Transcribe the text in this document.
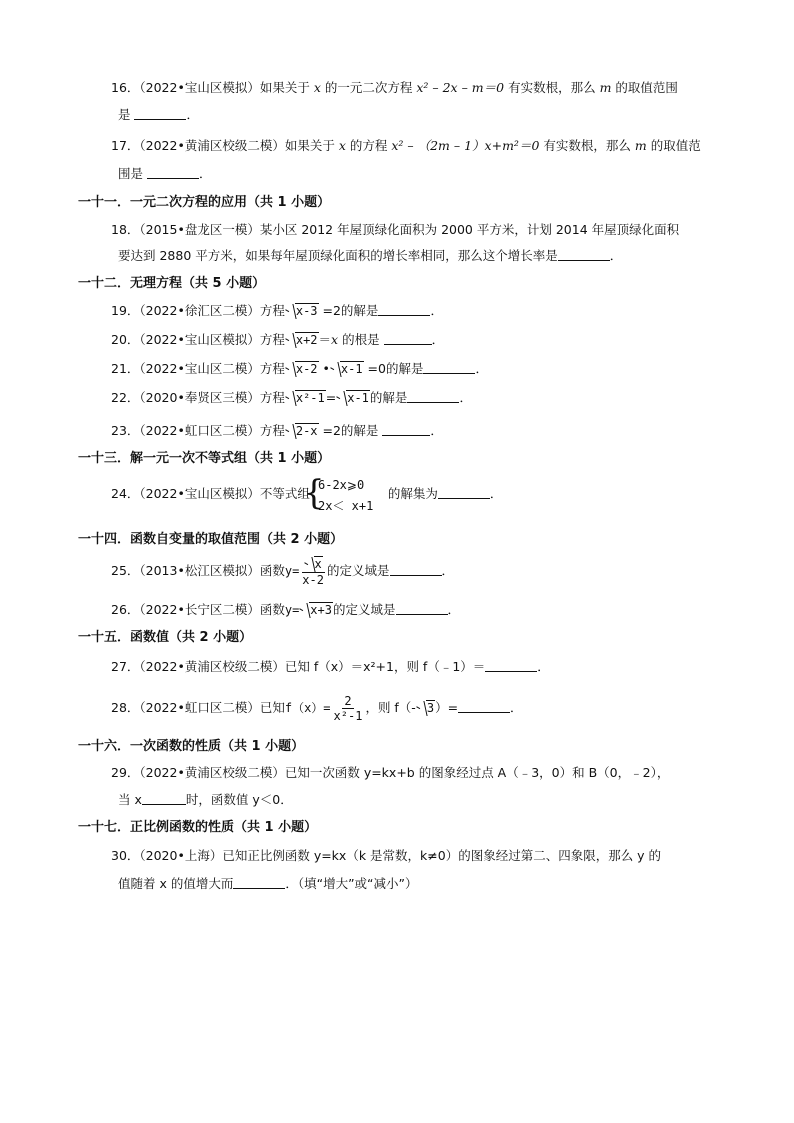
16．（2022•宝山区模拟）如果关于 x 的一元二次方程 x² – 2x – m＝0 有实数根，那么 m 的取值范围
是	．
17．（2022•黄浦区校级二模）如果关于 x 的方程 x² – （2m – 1）x+m²＝0 有实数根，那么 m 的取值范
围是	．
一十一．一元二次方程的应用（共 1 小题）
18．（2015•盘龙区一模）某小区 2012 年屋顶绿化面积为 2000 平方米，计划 2014 年屋顶绿化面积
要达到 2880 平方米，如果每年屋顶绿化面积的增长率相同，那么这个增长率是	．
一十二．无理方程（共 5 小题）
19．（2022•徐汇区二模）方程 x-3 =2的解是	．
20．（2022•宝山区模拟）方程 x+2＝x 的根是	．
21．（2022•宝山区二模）方程 x-2 • x-1 =0的解是	．
22．（2020•奉贤区三模）方程 x²-1= x-1的解是	．
23．（2022•虹口区二模）方程 2-x =2的解是	．
一十三．解一元一次不等式组（共 1 小题）
24．（2022•宝山区模拟）不等式组	的解集为	．
{
6-2x⩾0
2x＜ x+1
一十四．函数自变量的取值范围（共 2 小题）
25．（2013•松江区模拟）函数$y= \frac{x}{x-2}$ 的定义域是	．
26．（2022•长宁区二模）函数y= x+3的定义域是	．
一十五．函数值（共 2 小题）
27．（2022•黄浦区校级二模）已知 f（x）＝x²+1，则 f（﹣1）＝	．
28．（2022•虹口区二模）已知$f(x)= \frac{2}{\text{x²-1}}$ ，则 f（- 3）=	．
一十六．一次函数的性质（共 1 小题）
29．（2022•黄浦区校级二模）已知一次函数 y=kx+b 的图象经过点 A（﹣3，0）和 B（0，﹣2），
当 x	时，函数值 y＜0．
一十七．正比例函数的性质（共 1 小题）
30．（2020•上海）已知正比例函数 y=kx（k 是常数，k≠0）的图象经过第二、四象限，那么 y 的
值随着 x 的值增大而	．（填“增大”或“减小”）
